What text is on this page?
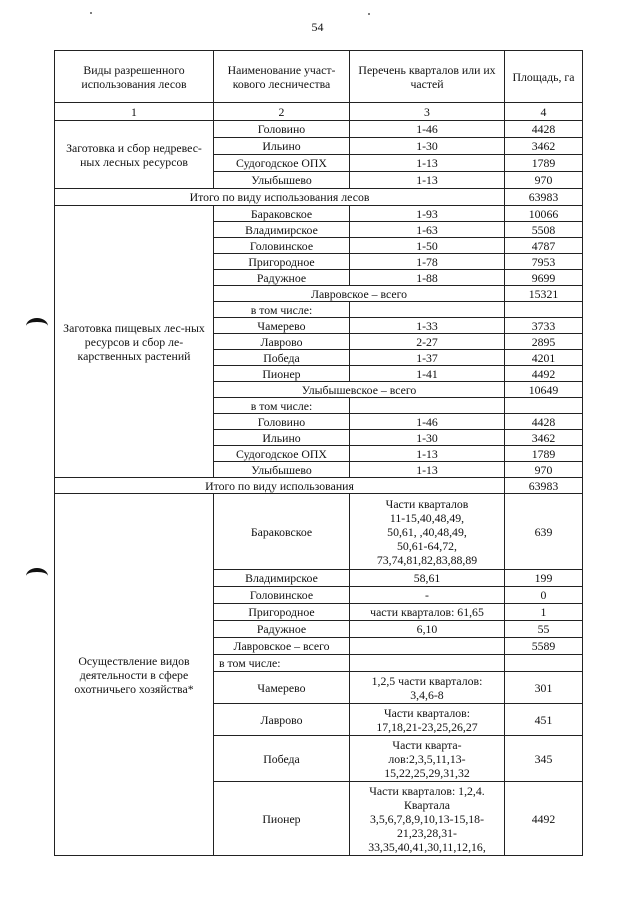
54
Виды разрешенного использования лесов	Наименование участ-кового лесничества	Перечень кварталов или их частей	Площадь, га
1	2	3	4
Заготовка и сбор недревес-ных лесных ресурсов	Головино	1-46	4428
	Ильино	1-30	3462
	Судогодское ОПХ	1-13	1789
	Улыбышево	1-13	970
Итого по виду использования лесов			63983
Заготовка пищевых лес-ных ресурсов и сбор ле-карственных растений	Бараковское	1-93	10066
	Владимирское	1-63	5508
	Головинское	1-50	4787
	Пригородное	1-78	7953
	Радужное	1-88	9699
	Лавровское – всего		15321
	в том числе:		
	Чамерево	1-33	3733
	Лаврово	2-27	2895
	Победа	1-37	4201
	Пионер	1-41	4492
	Улыбышевское – всего		10649
	в том числе:		
	Головино	1-46	4428
	Ильино	1-30	3462
	Судогодское ОПХ	1-13	1789
	Улыбышево	1-13	970
Итого по виду использования			63983
Осуществление видов деятельности в сфере охотничьего хозяйства*	Бараковское	Части кварталов
11-15,40,48,49,
50,61, ,40,48,49,
50,61-64,72,
73,74,81,82,83,88,89	639
	Владимирское	58,61	199
	Головинское	-	0
	Пригородное	части кварталов: 61,65	1
	Радужное	6,10	55
	Лавровское – всего		5589
	в том числе:		
	Чамерево	1,2,5 части кварталов:
3,4,6-8	301
	Лаврово	Части кварталов:
17,18,21-23,25,26,27	451
	Победа	Части кварта-
лов:2,3,5,11,13-
15,22,25,29,31,32	345
	Пионер	Части кварталов: 1,2,4.
Квартала
3,5,6,7,8,9,10,13-15,18-
21,23,28,31-
33,35,40,41,30,11,12,16,	4492
